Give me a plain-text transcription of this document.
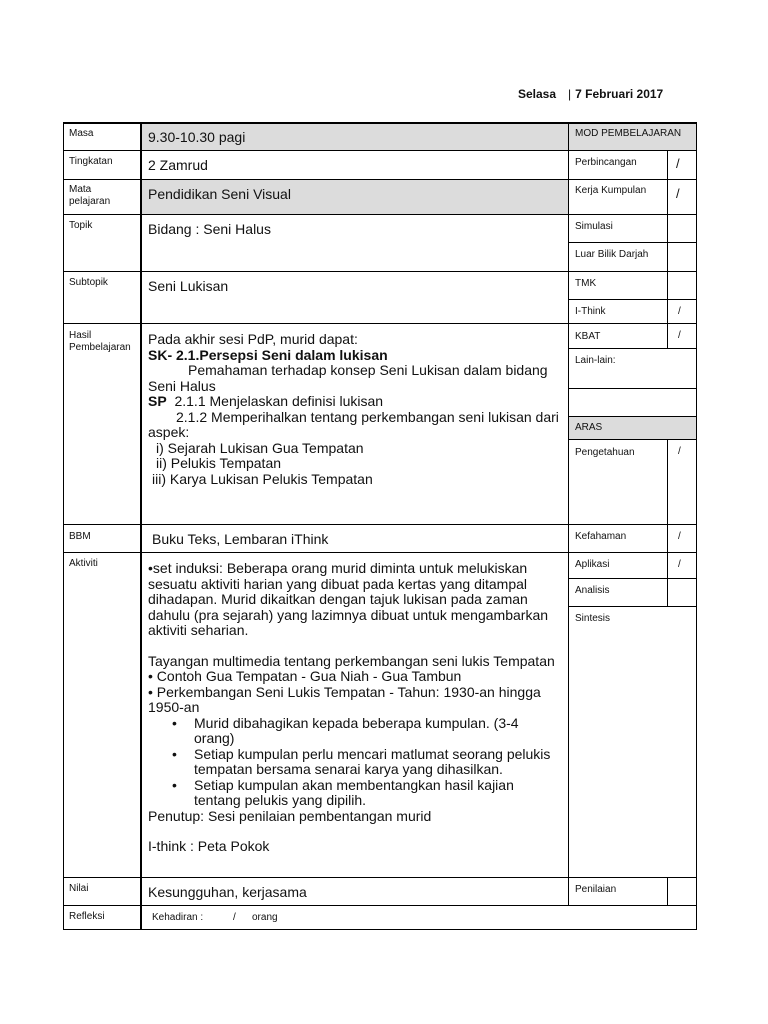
Selasa | 7 Februari 2017
Masa
Tingkatan
Mata
pelajaran
Topik
Subtopik
Hasil
Pembelajaran
BBM
Aktiviti
Nilai
Refleksi
9.30-10.30 pagi
2 Zamrud
Pendidikan Seni Visual
Bidang : Seni Halus
Seni Lukisan

Pada akhir sesi PdP, murid dapat:

SK- 2.1.Persepsi Seni dalam lukisan

Pemahaman terhadap konsep Seni Lukisan dalam bidang

Seni Halus

SP 2.1.1 Menjelaskan definisi lukisan

2.1.2 Memperihalkan tentang perkembangan seni lukisan dari

aspek:

i) Sejarah Lukisan Gua Tempatan

ii) Pelukis Tempatan

iii) Karya Lukisan Pelukis Tempatan

Buku Teks, Lembaran iThink

•set induksi: Beberapa orang murid diminta untuk melukiskan

sesuatu aktiviti harian yang dibuat pada kertas yang ditampal

dihadapan. Murid dikaitkan dengan tajuk lukisan pada zaman

dahulu (pra sejarah) yang lazimnya dibuat untuk mengambarkan

aktiviti seharian.

Tayangan multimedia tentang perkembangan seni lukis Tempatan

• Contoh Gua Tempatan - Gua Niah - Gua Tambun

• Perkembangan Seni Lukis Tempatan - Tahun: 1930-an hingga

1950-an

• Murid dibahagikan kepada beberapa kumpulan. (3-4

orang)

• Setiap kumpulan perlu mencari matlumat seorang pelukis

tempatan bersama senarai karya yang dihasilkan.

• Setiap kumpulan akan membentangkan hasil kajian

tentang pelukis yang dipilih.

Penutup: Sesi penilaian pembentangan murid

I-think : Peta Pokok

Kesungguhan, kerjasama
Kehadiran :	/ orang
MOD PEMBELAJARAN
Perbincangan
Kerja Kumpulan
Simulasi
Luar Bilik Darjah
TMK
I-Think
KBAT
Lain-lain:
ARAS
Pengetahuan
Kefahaman
Aplikasi
Analisis
Sintesis
Penilaian
/
/
/
/
/
/
/
